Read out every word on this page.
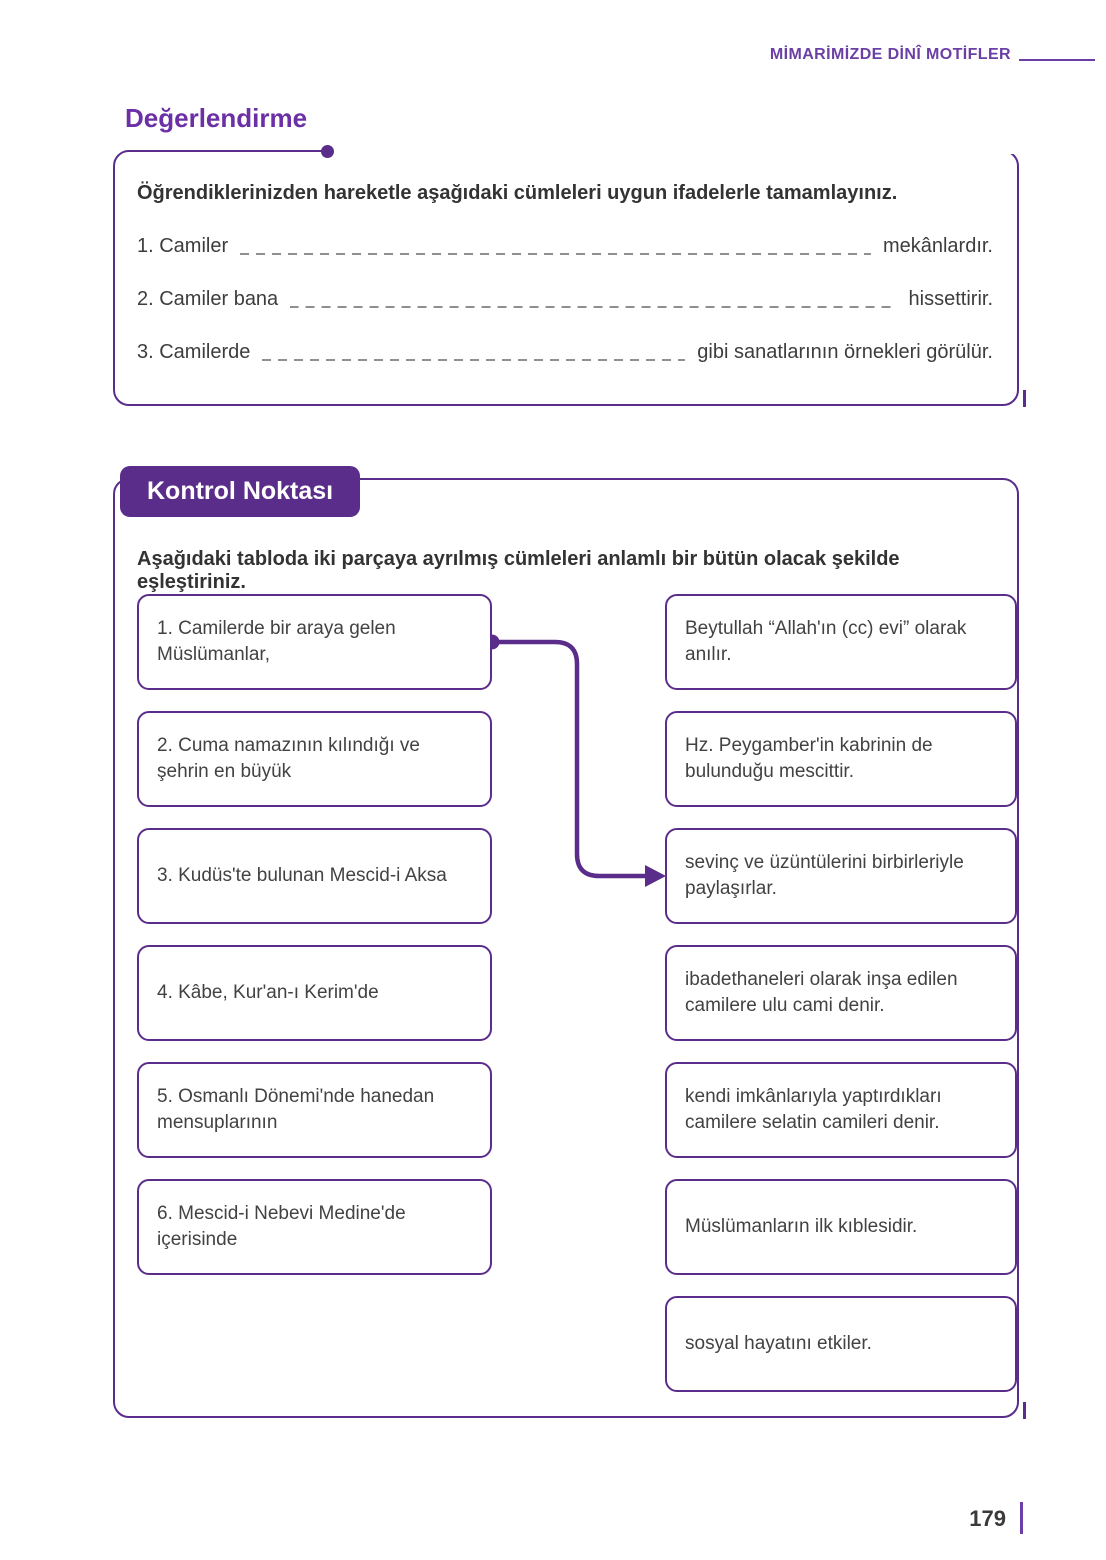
MİMARİMİZDE DİNÎ MOTİFLER
Değerlendirme
Öğrendiklerinizden hareketle aşağıdaki cümleleri uygun ifadelerle tamamlayınız.
1. Camiler	mekânlardır.
2. Camiler bana	hissettirir.
3. Camilerde	gibi sanatlarının örnekleri görülür.
Kontrol Noktası
Aşağıdaki tabloda iki parçaya ayrılmış cümleleri anlamlı bir bütün olacak şekilde eşleştiriniz.
1. Camilerde bir araya gelen Müslümanlar,
2. Cuma namazının kılındığı ve şehrin en büyük
3. Kudüs'te bulunan Mescid-i Aksa
4. Kâbe, Kur'an-ı Kerim'de
5. Osmanlı Dönemi'nde hanedan mensuplarının
6. Mescid-i Nebevi Medine'de içerisinde
Beytullah “Allah'ın (cc) evi” olarak anılır.
Hz. Peygamber'in kabrinin de bulunduğu mescittir.
sevinç ve üzüntülerini birbirleriyle paylaşırlar.
ibadethaneleri olarak inşa edilen camilere ulu cami denir.
kendi imkânlarıyla yaptırdıkları camilere selatin camileri denir.
Müslümanların ilk kıblesidir.
sosyal hayatını etkiler.
179
